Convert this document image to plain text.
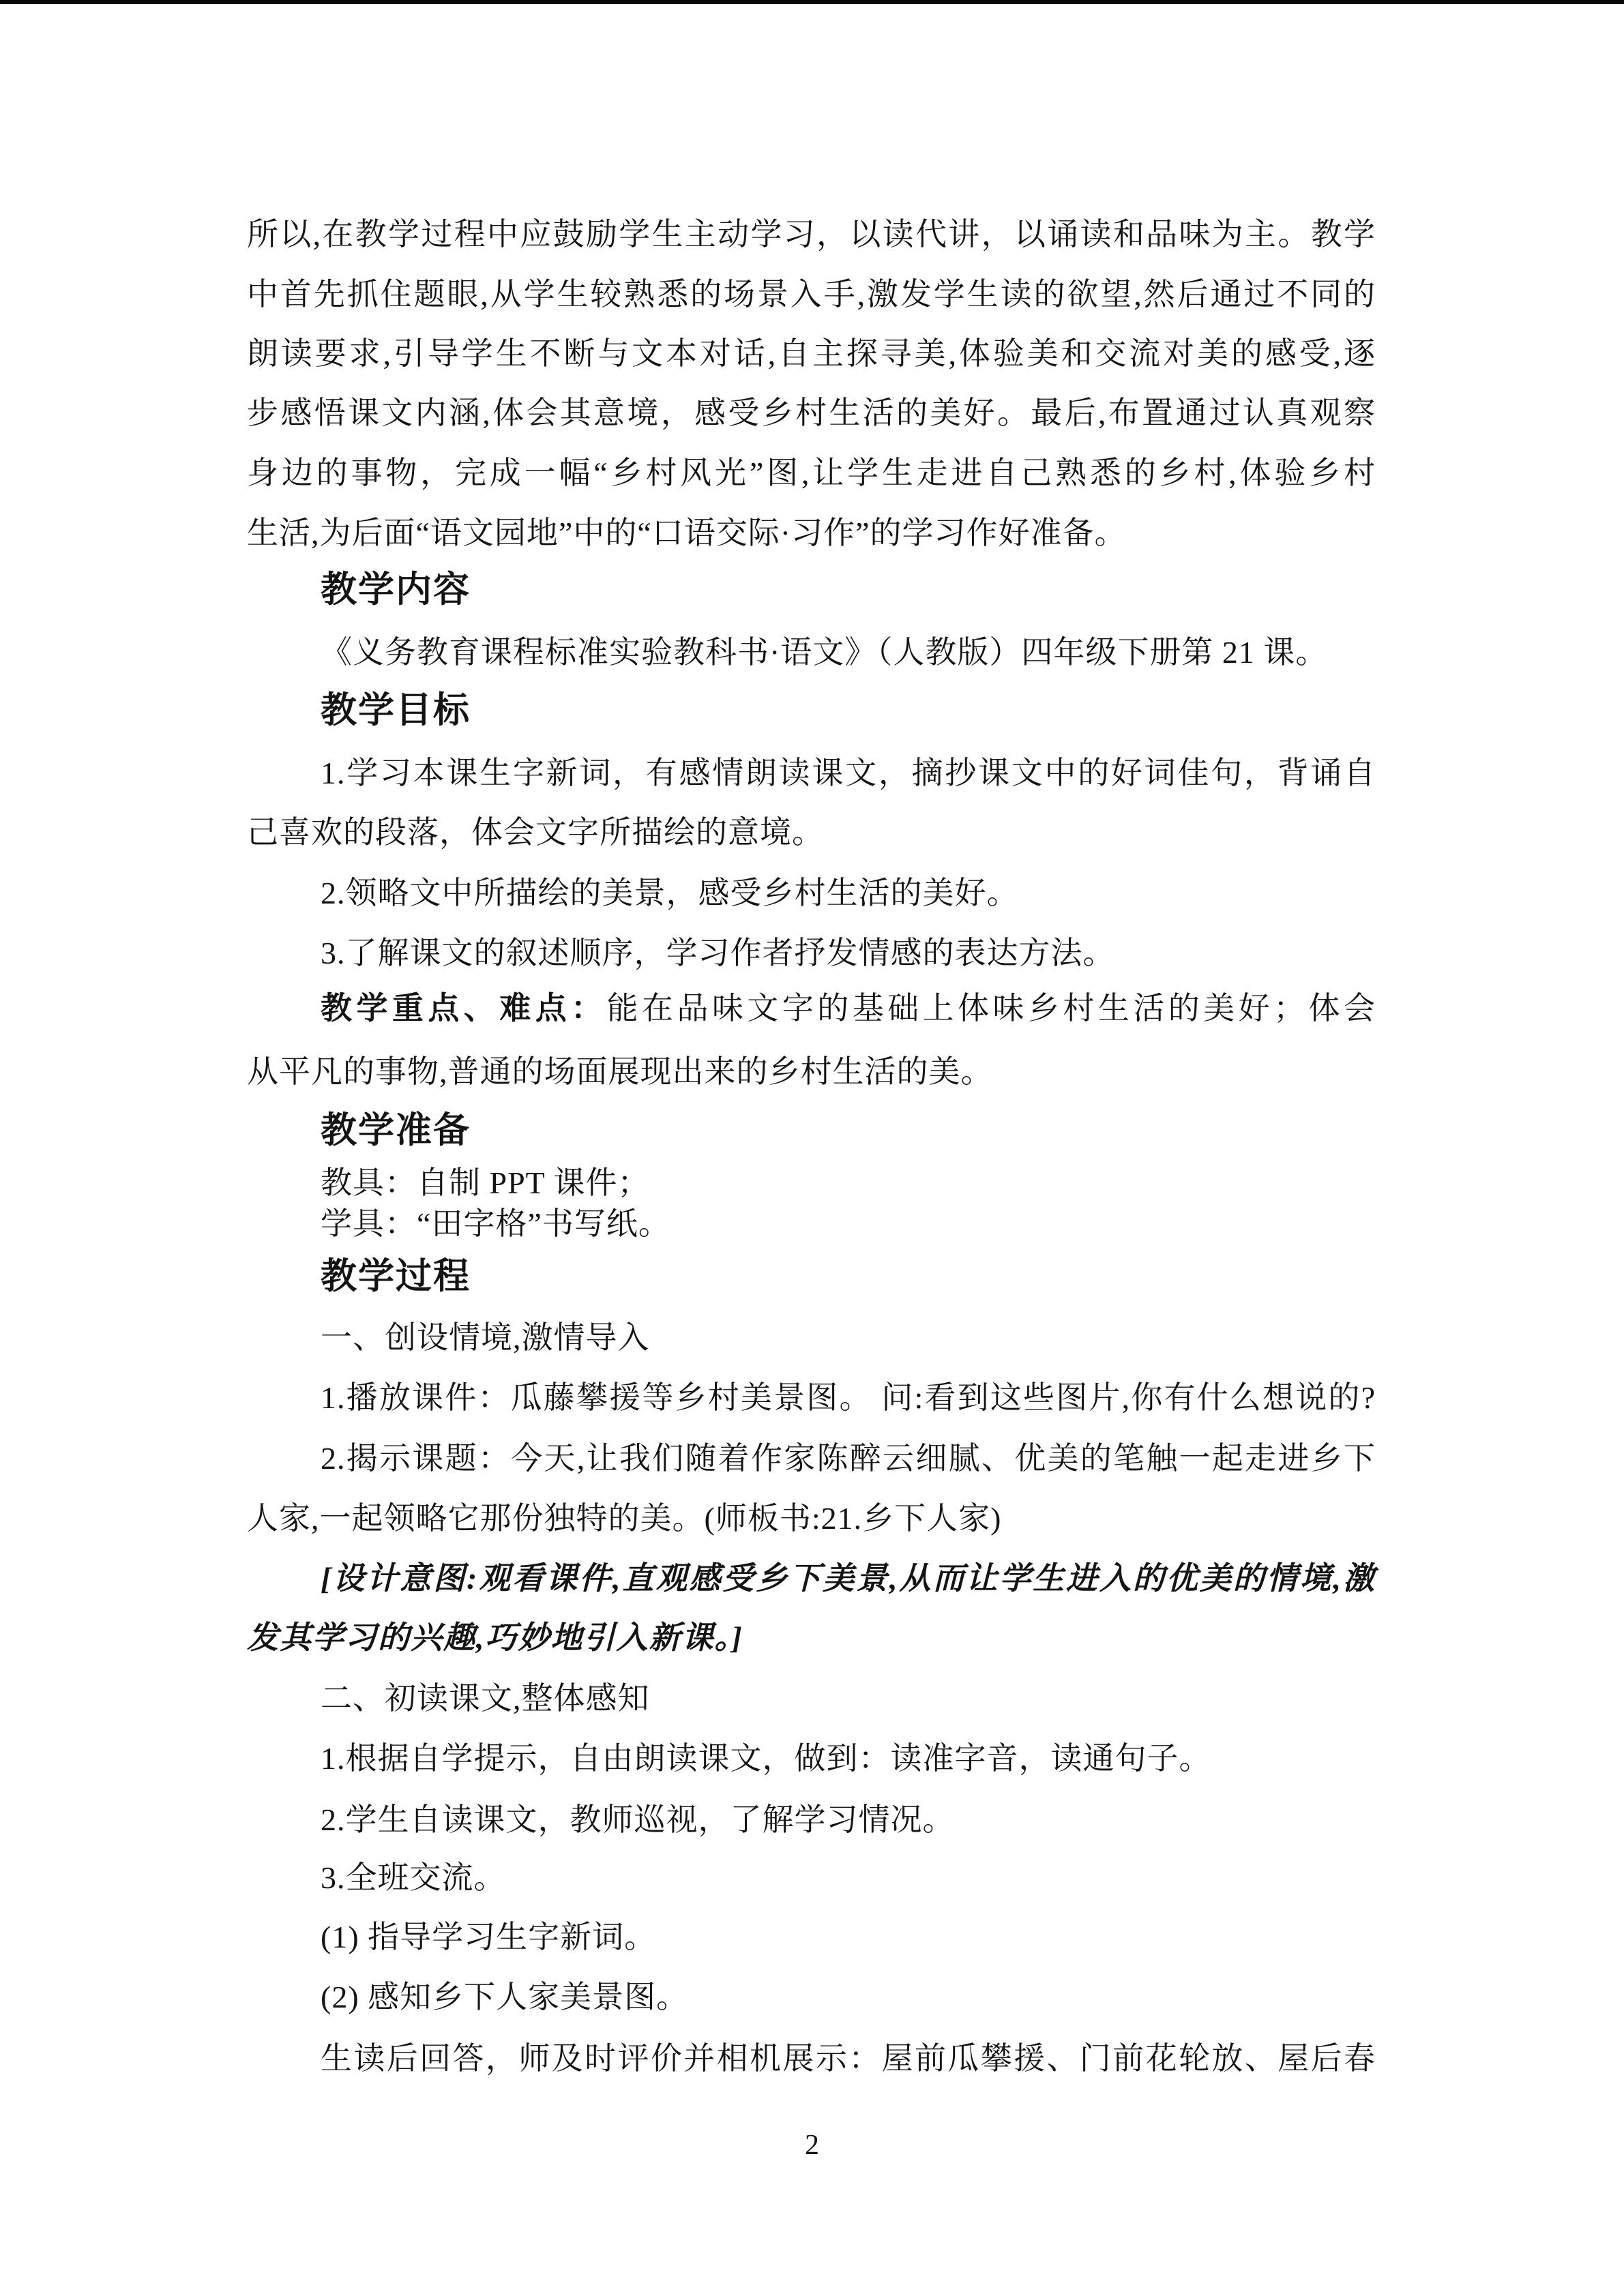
所以,在教学过程中应鼓励学生主动学习，以读代讲，以诵读和品味为主。教学
中首先抓住题眼,从学生较熟悉的场景入手,激发学生读的欲望,然后通过不同的
朗读要求,引导学生不断与文本对话,自主探寻美,体验美和交流对美的感受,逐
步感悟课文内涵,体会其意境，感受乡村生活的美好。最后,布置通过认真观察
身边的事物，完成一幅“乡村风光”图,让学生走进自己熟悉的乡村,体验乡村
生活,为后面“语文园地”中的“口语交际·习作”的学习作好准备。
教学内容
《义务教育课程标准实验教科书·语文》（人教版）四年级下册第 21 课。
教学目标
1.学习本课生字新词，有感情朗读课文，摘抄课文中的好词佳句，背诵自
己喜欢的段落，体会文字所描绘的意境。
2.领略文中所描绘的美景，感受乡村生活的美好。
3.了解课文的叙述顺序，学习作者抒发情感的表达方法。
教学重点、难点：能在品味文字的基础上体味乡村生活的美好；体会
从平凡的事物,普通的场面展现出来的乡村生活的美。
教学准备
教具：自制 PPT 课件；
学具：“田字格”书写纸。
教学过程
一、创设情境,激情导入
1.播放课件：瓜藤攀援等乡村美景图。 问:看到这些图片,你有什么想说的?
2.揭示课题：今天,让我们随着作家陈醉云细腻、优美的笔触一起走进乡下
人家,一起领略它那份独特的美。(师板书:21.乡下人家)
[设计意图:观看课件,直观感受乡下美景,从而让学生进入的优美的情境,激
发其学习的兴趣,巧妙地引入新课。]
二、初读课文,整体感知
1.根据自学提示，自由朗读课文，做到：读准字音，读通句子。
2.学生自读课文，教师巡视，了解学习情况。
3.全班交流。
(1) 指导学习生字新词。
(2) 感知乡下人家美景图。
生读后回答，师及时评价并相机展示：屋前瓜攀援、门前花轮放、屋后春
2
